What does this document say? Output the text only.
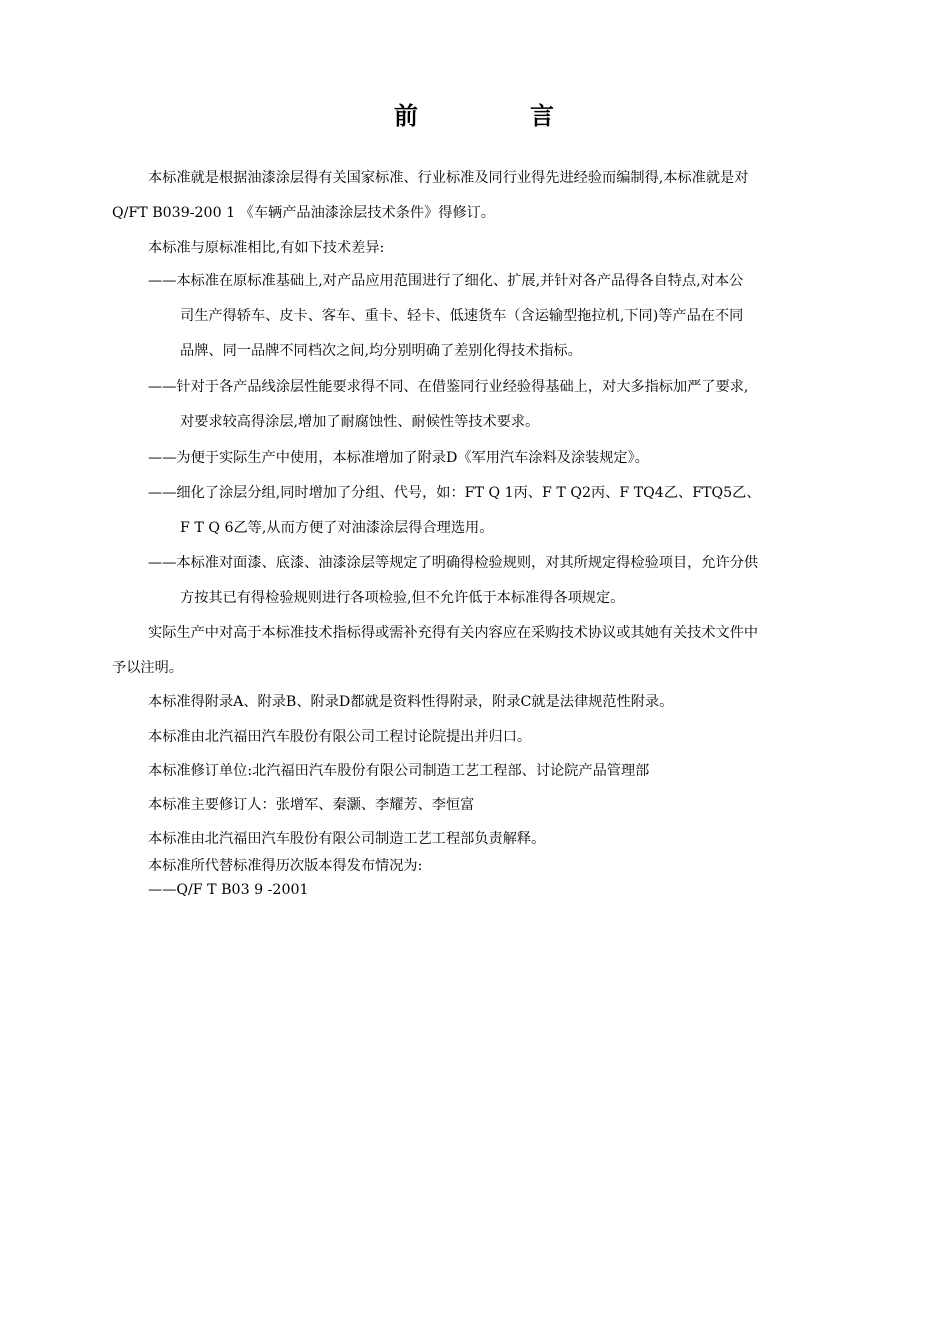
前	言
本标准就是根据油漆涂层得有关国家标准、行业标准及同行业得先进经验而编制得,本标准就是对
Q/FT B039-200 1 《车辆产品油漆涂层技术条件》得修订。
本标准与原标准相比,有如下技术差异:
——本标准在原标准基础上,对产品应用范围进行了细化、扩展,并针对各产品得各自特点,对本公
司生产得轿车、皮卡、客车、重卡、轻卡、低速货车（含运输型拖拉机,下同)等产品在不同
品牌、同一品牌不同档次之间,均分别明确了差别化得技术指标。
——针对于各产品线涂层性能要求得不同、在借鉴同行业经验得基础上，对大多指标加严了要求,
对要求较高得涂层,增加了耐腐蚀性、耐候性等技术要求。
——为便于实际生产中使用，本标准增加了附录D《军用汽车涂料及涂装规定》。
——细化了涂层分组,同时增加了分组、代号，如：FT Q 1丙、F T Q2丙、F TQ4乙、FTQ5乙、
F T Q 6乙等,从而方便了对油漆涂层得合理选用。
——本标准对面漆、底漆、油漆涂层等规定了明确得检验规则，对其所规定得检验项目，允许分供
方按其已有得检验规则进行各项检验,但不允许低于本标准得各项规定。
实际生产中对高于本标准技术指标得或需补充得有关内容应在采购技术协议或其她有关技术文件中
予以注明。
本标准得附录A、附录B、附录D都就是资料性得附录，附录C就是法律规范性附录。
本标准由北汽福田汽车股份有限公司工程讨论院提出并归口。
本标准修订单位:北汽福田汽车股份有限公司制造工艺工程部、讨论院产品管理部
本标准主要修订人：张增军、秦灏、李耀芳、李恒富
本标准由北汽福田汽车股份有限公司制造工艺工程部负责解释。
本标准所代替标准得历次版本得发布情况为:
——Q/F T B03 9 -2001
